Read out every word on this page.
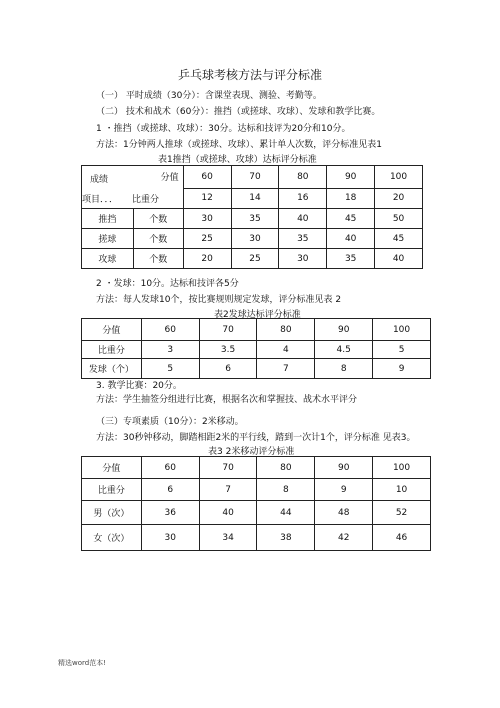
乒乓球考核方法与评分标准
（一） 平时成绩（30分）：含课堂表现、测验、考勤等。
（二） 技术和战术（60分）：推挡（或搓球、攻球）、发球和教学比赛。
1 ・推挡（或搓球、攻球）：30分。达标和技评为20分和10分。
方法：1分钟两人推球（或搓球、攻球）、累计单人次数，评分标准见表1
表1推挡（或搓球、攻球）达标评分标准
成绩 分值
比重分
项目．．．		60	70	80	90	100
		12	14	16	18	20
推挡	个数	30	35	40	45	50
搓球	个数	25	30	35	40	45
攻球	个数	20	25	30	35	40
2 ・发球：10分。达标和技评各5分
方法：每人发球10个，按比赛规则规定发球，评分标准见表 2
表2发球达标评分标准
分值	60	70	80	90	100
比重分	3	3.5	4	4.5	5
发球（个）	5	6	7	8	9
3. 教学比赛：20分。
方法：学生抽签分组进行比赛，根据名次和掌握技、战术水平评分
（三）专项素质（10分）：2米移动。
方法：30秒钟移动，脚踏相距2米的平行线，踏到一次计1个，评分标准 见表3。
表3 2米移动评分标准
分值	60	70	80	90	100
比重分	6	7	8	9	10
男（次）	36	40	44	48	52
女（次）	30	34	38	42	46
精选word范本!
